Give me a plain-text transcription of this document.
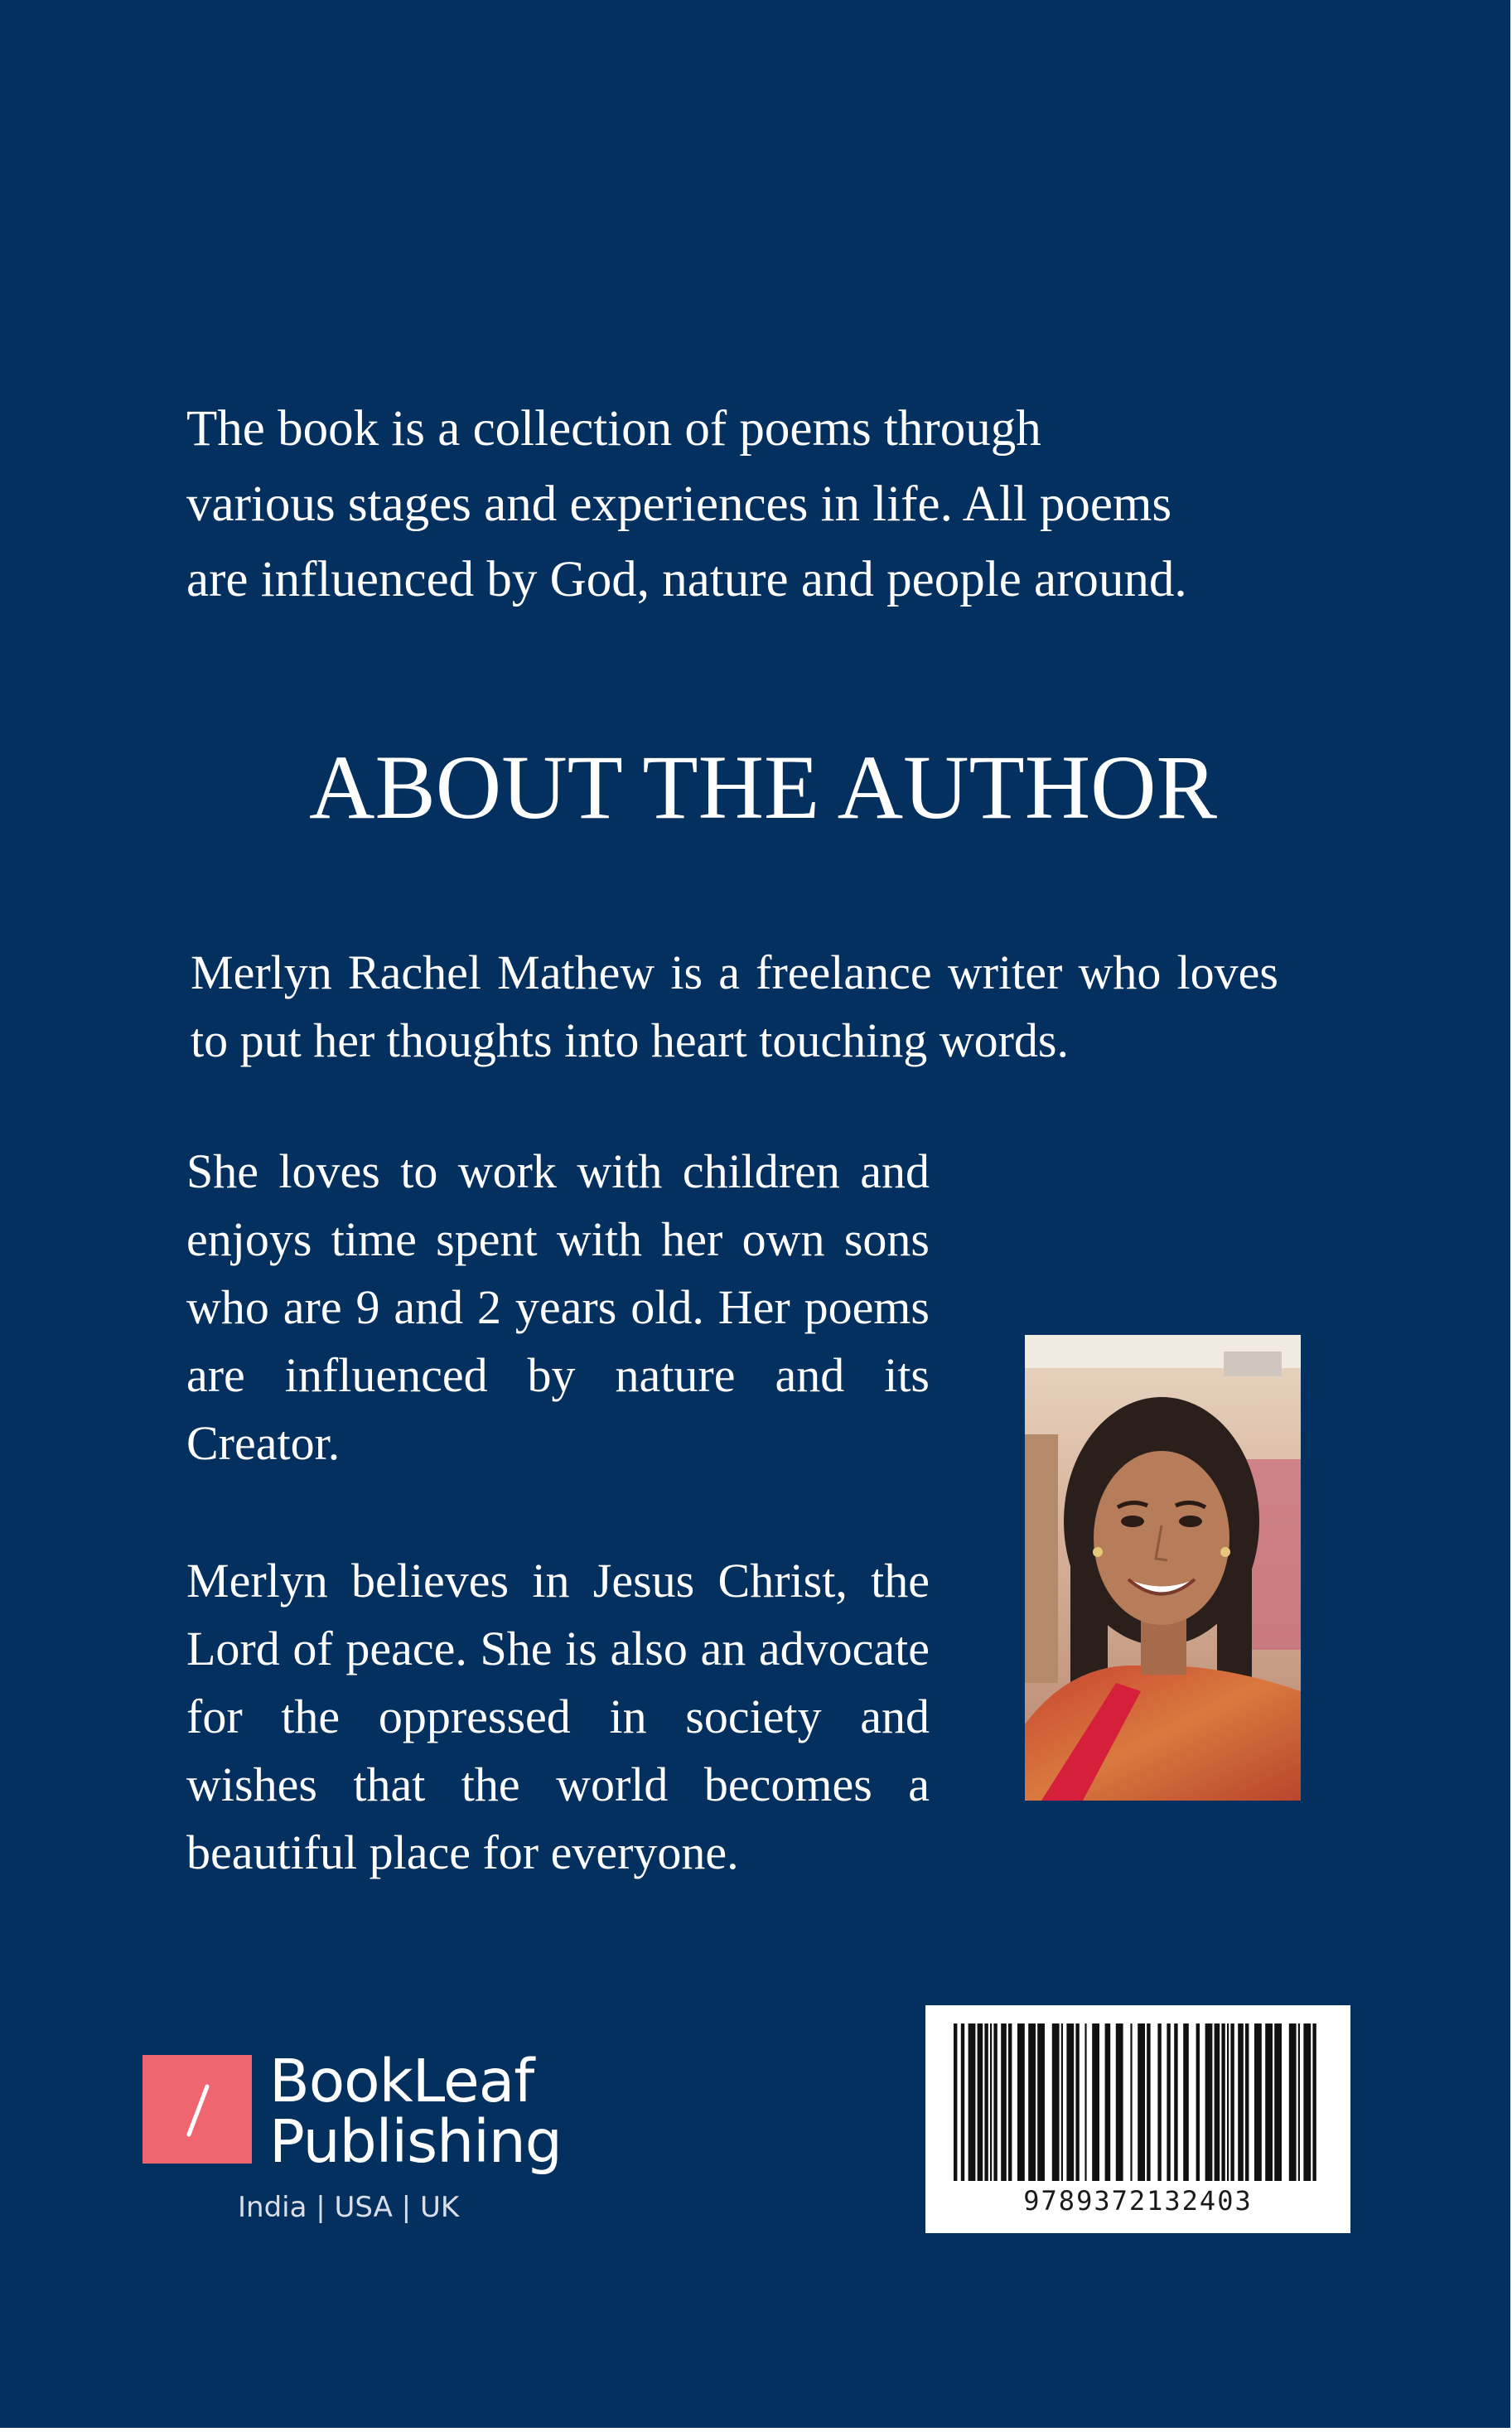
The book is a collection of poems through
various stages and experiences in life. All poems
are influenced by God, nature and people around.
ABOUT THE AUTHOR

Merlyn Rachel Mathew is a freelance writer who loves to put her thoughts into heart touching words.

She loves to work with children and enjoys time spent with her own sons who are 9 and 2 years old. Her poems are influenced by nature and its Creator.

Merlyn believes in Jesus Christ, the Lord of peace. She is also an advocate for the oppressed in society and wishes that the world becomes a beautiful place for everyone.

BookLeaf
Publishing
India | USA | UK	9789372132403
